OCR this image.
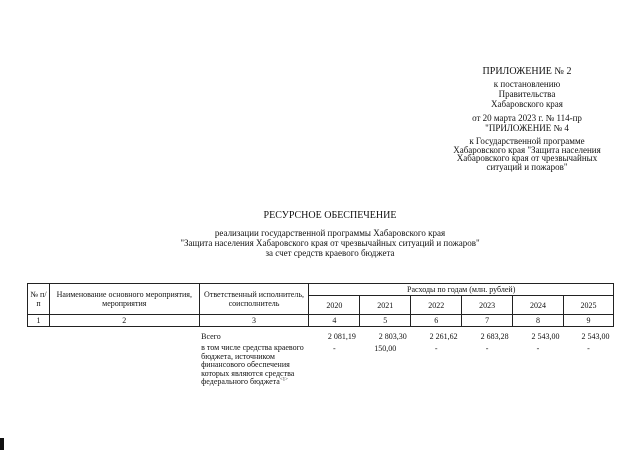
ПРИЛОЖЕНИЕ № 2
к постановлению
Правительства
Хабаровского края
от 20 марта 2023 г. № 114-пр
"ПРИЛОЖЕНИЕ № 4
к Государственной программе
Хабаровского края "Защита населения
Хабаровского края от чрезвычайных
ситуаций и пожаров"
РЕСУРСНОЕ ОБЕСПЕЧЕНИЕ
реализации государственной программы Хабаровского края
"Защита населения Хабаровского края от чрезвычайных ситуаций и пожаров"
за счет средств краевого бюджета
№ п/п	Наименование основного мероприятия, мероприятия	Ответственный исполнитель, соисполнитель	Расходы по годам (млн. рублей)					
			2020	2021	2022	2023	2024	2025
1	2	3	4	5	6	7	8	9
		Всего	2 081,19	2 803,30	2 261,62	2 683,28	2 543,00	2 543,00
		в том числе средства краевого бюджета, источником финансового обеспечения которых являются средства федерального бюджета$^{<1>}$	-	150,00	-	-	-	-
